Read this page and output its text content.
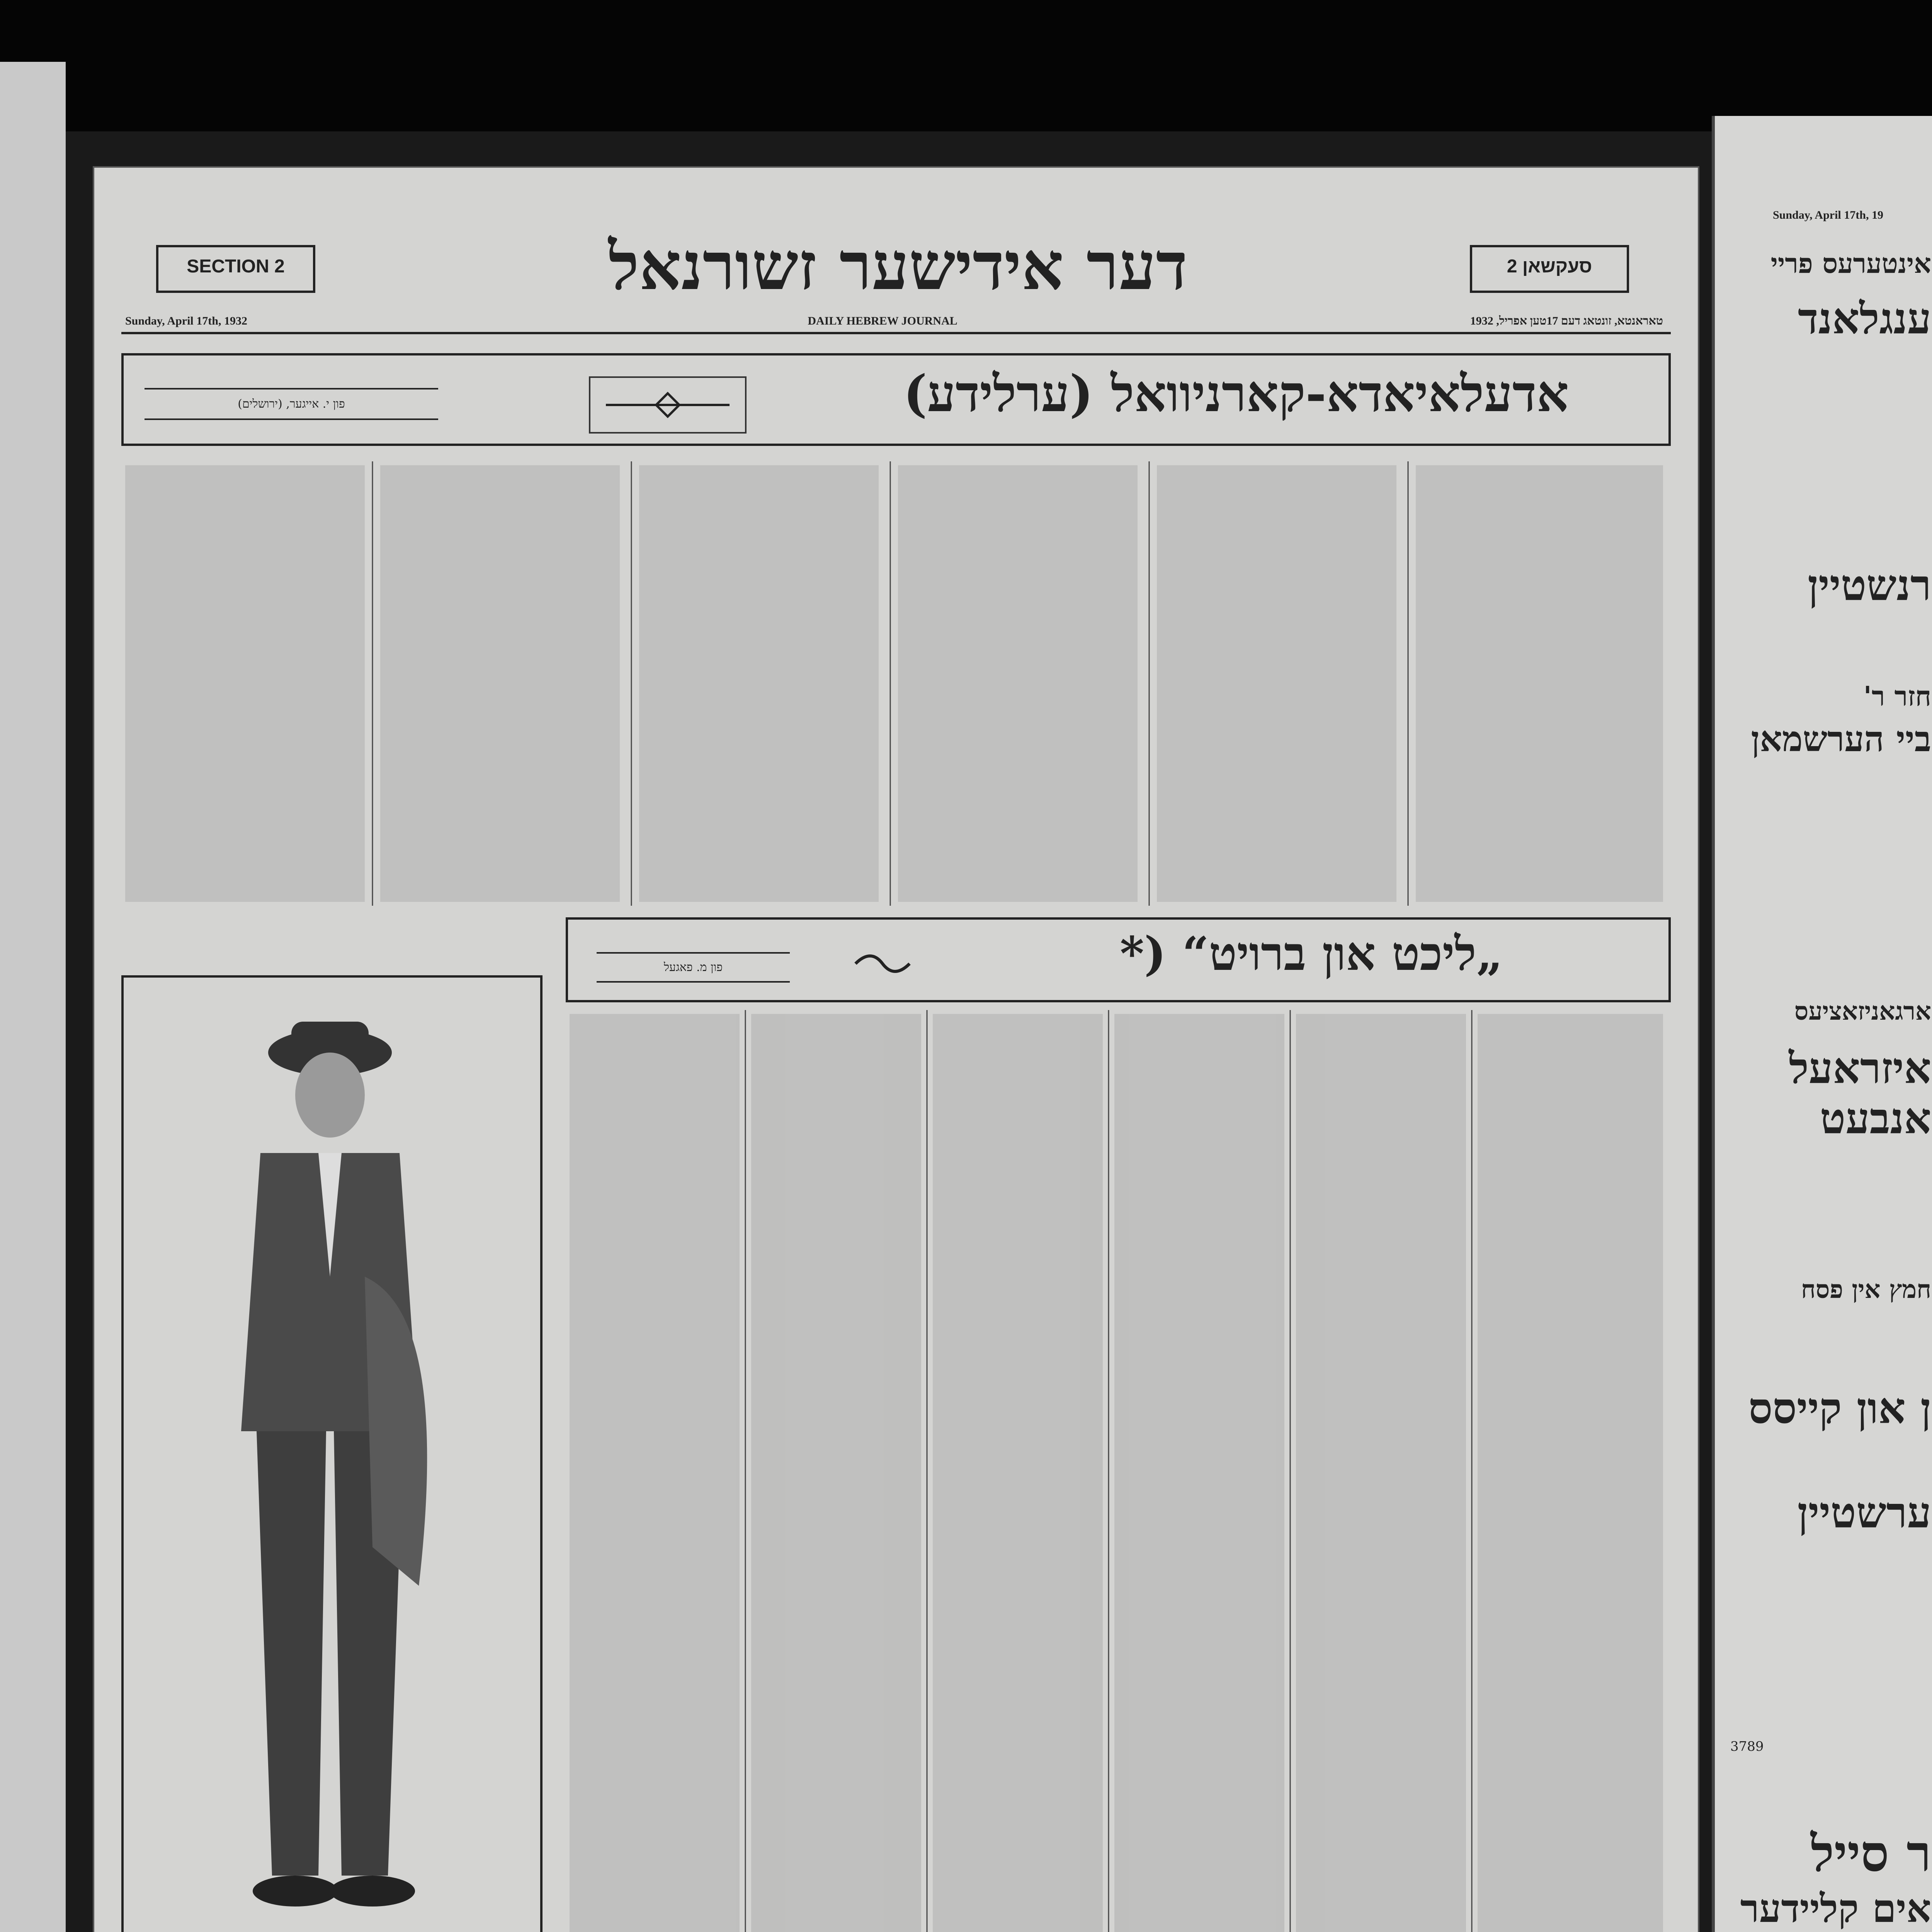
SECTION 2	סעקשאן 2
דער אידישער זשורנאל
Sunday, April 17th, 1932	DAILY HEBREW JOURNAL	טאראנטא, זונטאג דעם 17טען אפריל, 1932
אדעלאיאדא-קארניוואל (ערלידע)
פון י. אייגער, (ירושלים)
„ליכט און ברויט“ (*
פון מ. פאגעל
Sunday, April 17th, 19
אינטערעס פריי
ענגלאנד
רנשטיין
חזר ר'
ביי הערשמאן
ארגאניזאציעס
איזראעל
אנבעט
חמץ אין פסח
ן און קייסס
ערשטיין
3789
ר סייל
אים קליידער
